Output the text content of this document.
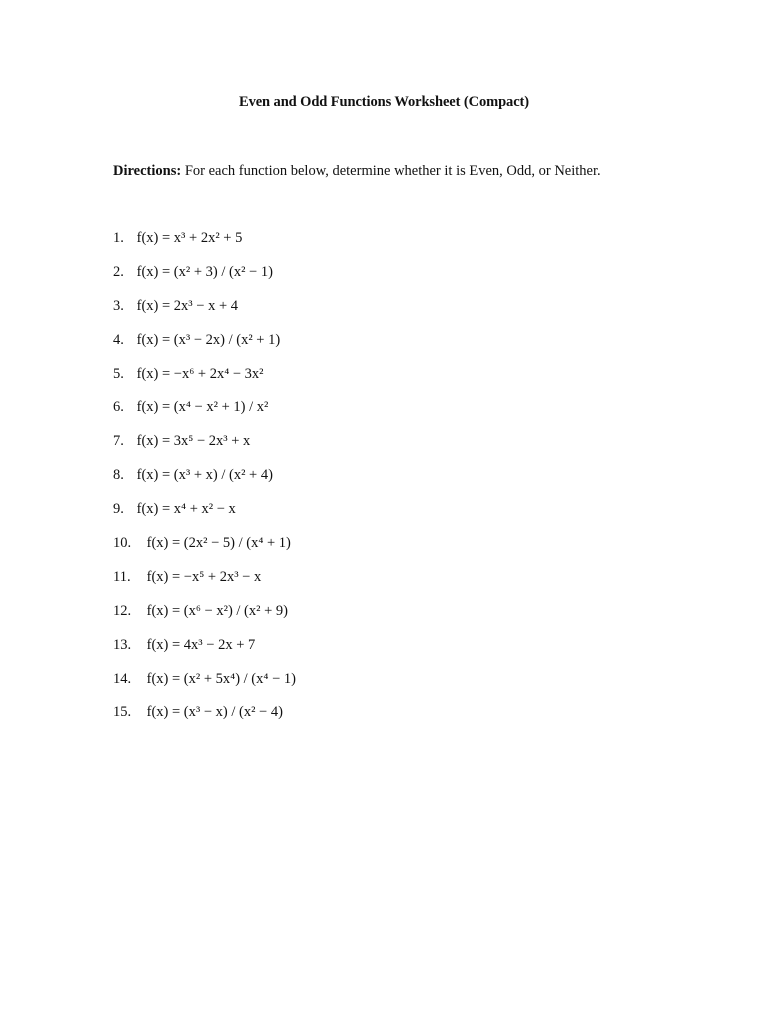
Even and Odd Functions Worksheet (Compact)
Directions: For each function below, determine whether it is Even, Odd, or Neither.
1. f(x) = x³ + 2x² + 5
2. f(x) = (x² + 3) / (x² − 1)
3. f(x) = 2x³ − x + 4
4. f(x) = (x³ − 2x) / (x² + 1)
5. f(x) = −x⁶ + 2x⁴ − 3x²
6. f(x) = (x⁴ − x² + 1) / x²
7. f(x) = 3x⁵ − 2x³ + x
8. f(x) = (x³ + x) / (x² + 4)
9. f(x) = x⁴ + x² − x
10. f(x) = (2x² − 5) / (x⁴ + 1)
11. f(x) = −x⁵ + 2x³ − x
12. f(x) = (x⁶ − x²) / (x² + 9)
13. f(x) = 4x³ − 2x + 7
14. f(x) = (x² + 5x⁴) / (x⁴ − 1)
15. f(x) = (x³ − x) / (x² − 4)
